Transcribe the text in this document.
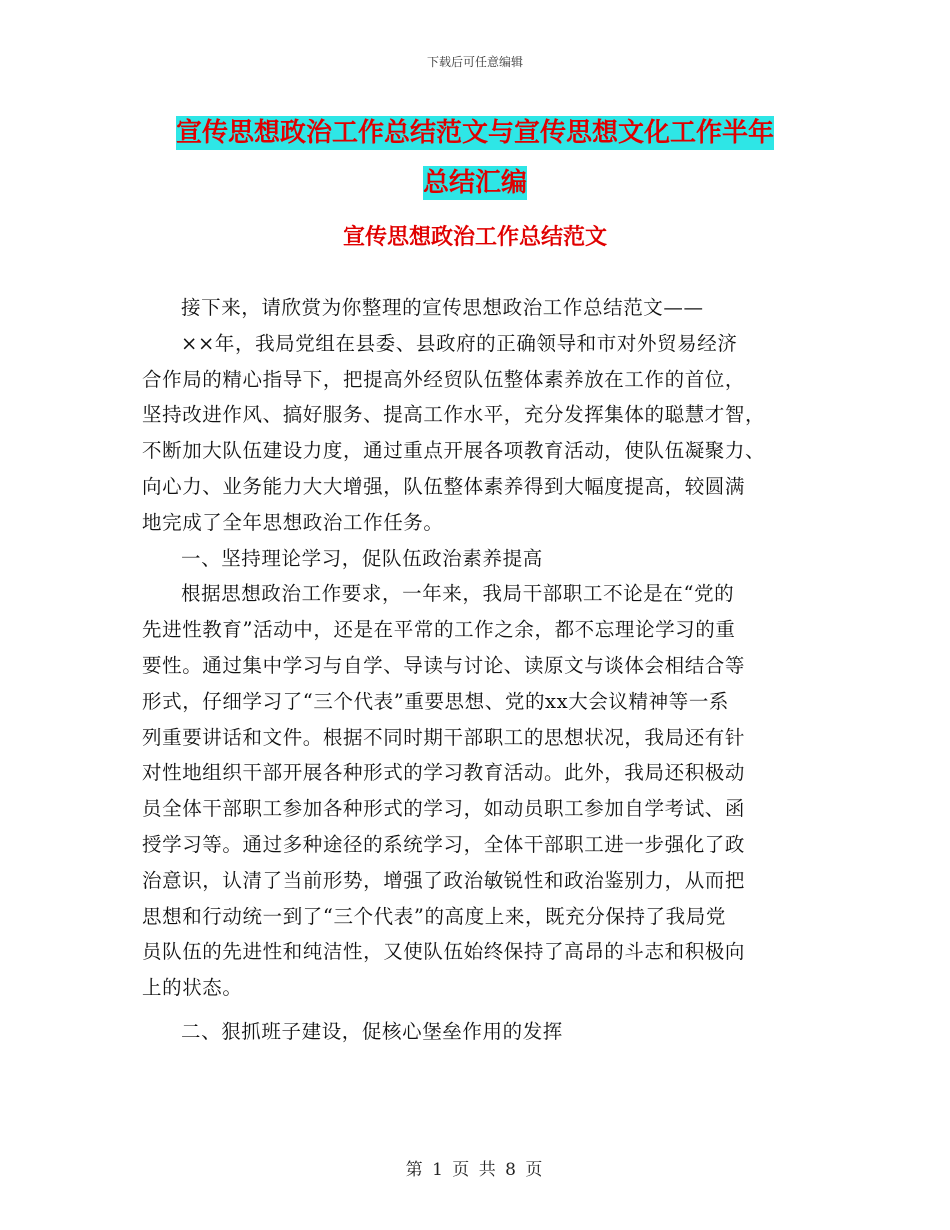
下载后可任意编辑
宣传思想政治工作总结范文与宣传思想文化工作半年
总结汇编
宣传思想政治工作总结范文
接下来，请欣赏为你整理的宣传思想政治工作总结范文——
××年，我局党组在县委、县政府的正确领导和市对外贸易经济
合作局的精心指导下，把提高外经贸队伍整体素养放在工作的首位，
坚持改进作风、搞好服务、提高工作水平，充分发挥集体的聪慧才智，
不断加大队伍建设力度，通过重点开展各项教育活动，使队伍凝聚力、
向心力、业务能力大大增强，队伍整体素养得到大幅度提高，较圆满
地完成了全年思想政治工作任务。
一、坚持理论学习，促队伍政治素养提高
根据思想政治工作要求，一年来，我局干部职工不论是在“党的
先进性教育”活动中，还是在平常的工作之余，都不忘理论学习的重
要性。通过集中学习与自学、导读与讨论、读原文与谈体会相结合等
形式，仔细学习了“三个代表”重要思想、党的xx大会议精神等一系
列重要讲话和文件。根据不同时期干部职工的思想状况，我局还有针
对性地组织干部开展各种形式的学习教育活动。此外，我局还积极动
员全体干部职工参加各种形式的学习，如动员职工参加自学考试、函
授学习等。通过多种途径的系统学习，全体干部职工进一步强化了政
治意识，认清了当前形势，增强了政治敏锐性和政治鉴别力，从而把
思想和行动统一到了“三个代表”的高度上来，既充分保持了我局党
员队伍的先进性和纯洁性，又使队伍始终保持了高昂的斗志和积极向
上的状态。
二、狠抓班子建设，促核心堡垒作用的发挥
第 1 页 共 8 页
